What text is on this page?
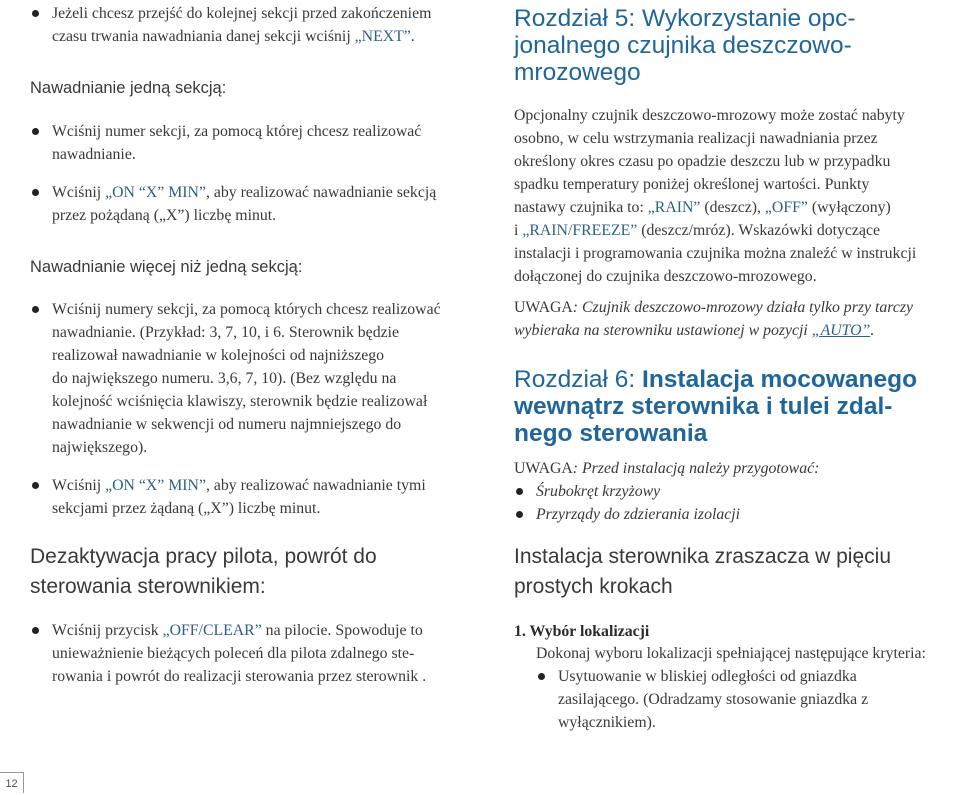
Jeżeli chcesz przejść do kolejnej sekcji przed zakończeniem
czasu trwania nawadniania danej sekcji wciśnij „NEXT”.

Nawadnianie jedną sekcją:

Wciśnij numer sekcji, za pomocą której chcesz realizować
nawadnianie.
Wciśnij „ON “X” MIN”, aby realizować nawadnianie sekcją
przez pożądaną („X”) liczbę minut.

Nawadnianie więcej niż jedną sekcją:

Wciśnij numery sekcji, za pomocą których chcesz realizować
nawadnianie. (Przykład: 3, 7, 10, i 6. Sterownik będzie
realizował nawadnianie w kolejności od najniższego
do największego numeru. 3,6, 7, 10). (Bez względu na
kolejność wciśnięcia klawiszy, sterownik będzie realizował
nawadnianie w sekwencji od numeru najmniejszego do
największego).
Wciśnij „ON “X” MIN”, aby realizować nawadnianie tymi
sekcjami przez żądaną („X”) liczbę minut.
Dezaktywacja pracy pilota, powrót do
sterowania sterownikiem:
Wciśnij przycisk „OFF/CLEAR” na pilocie. Spowoduje to
unieważnienie bieżących poleceń dla pilota zdalnego ste-
rowania i powrót do realizacji sterowania przez sterownik .
Rozdział 5: Wykorzystanie opc-
jonalnego czujnika deszczowo-
mrozowego
Opcjonalny czujnik deszczowo-mrozowy może zostać nabyty
osobno, w celu wstrzymania realizacji nawadniania przez
określony okres czasu po opadzie deszczu lub w przypadku
spadku temperatury poniżej określonej wartości. Punkty
nastawy czujnika to: „RAIN” (deszcz), „OFF” (wyłączony)
i „RAIN/FREEZE” (deszcz/mróz). Wskazówki dotyczące
instalacji i programowania czujnika można znaleźć w instrukcji
dołączonej do czujnika deszczowo-mrozowego.
UWAGA: Czujnik deszczowo-mrozowy działa tylko przy tarczy
wybieraka na sterowniku ustawionej w pozycji „AUTO”.
Rozdział 6: Instalacja mocowanego
wewnątrz sterownika i tulei zdal-
nego sterowania
UWAGA: Przed instalacją należy przygotować:
Śrubokręt krzyżowy
Przyrządy do zdzierania izolacji
Instalacja sterownika zraszacza w pięciu
prostych krokach
1. Wybór lokalizacji
Dokonaj wyboru lokalizacji spełniającej następujące kryteria:
Usytuowanie w bliskiej odległości od gniazdka
zasilającego. (Odradzamy stosowanie gniazdka z
wyłącznikiem).
12
